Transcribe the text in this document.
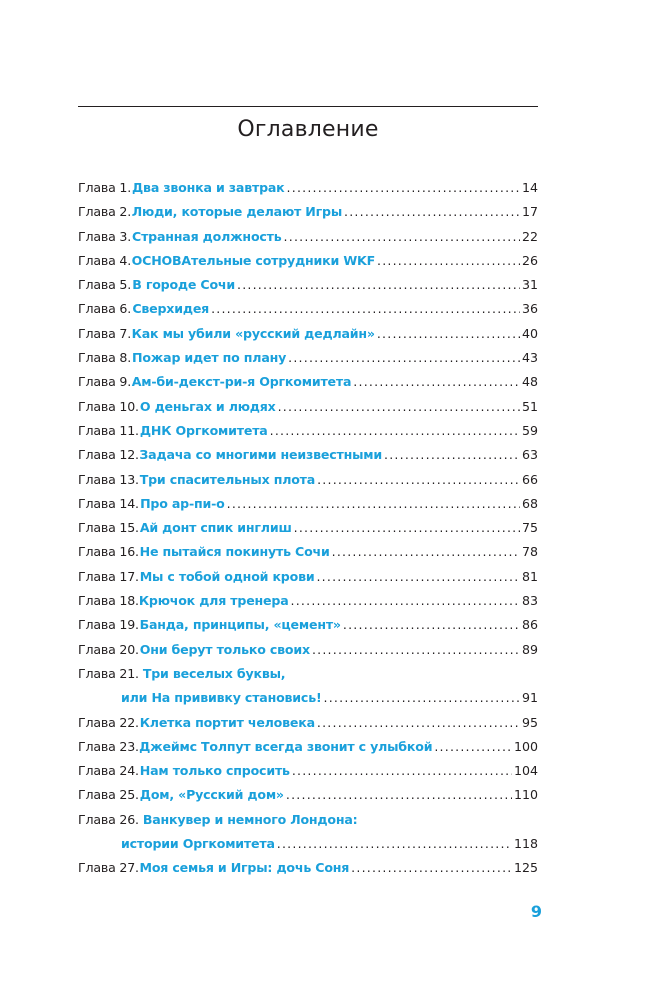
Оглавление
Глава 1. Два звонка и завтрак .....	14
Глава 2. Люди, которые делают Игры .....	17
Глава 3. Странная должность .....	22
Глава 4. ОСНОВАтельные сотрудники WKF .....	26
Глава 5. В городе Сочи .....	31
Глава 6. Сверхидея .....	36
Глава 7. Как мы убили «русский дедлайн» .....	40
Глава 8. Пожар идет по плану .....	43
Глава 9. Ам-би-декст-ри-я Оргкомитета .....	48
Глава 10. О деньгах и людях .....	51
Глава 11. ДНК Оргкомитета .....	59
Глава 12. Задача со многими неизвестными .....	63
Глава 13. Три спасительных плота .....	66
Глава 14. Про ар-пи-о .....	68
Глава 15. Ай донт спик инглиш .....	75
Глава 16. Не пытайся покинуть Сочи .....	78
Глава 17. Мы с тобой одной крови .....	81
Глава 18. Крючок для тренера .....	83
Глава 19. Банда, принципы, «цемент» .....	86
Глава 20. Они берут только своих .....	89
Глава 21. Три веселых буквы,
или На прививку становись! .....	91
Глава 22. Клетка портит человека .....	95
Глава 23. Джеймс Толпут всегда звонит с улыбкой .....	100
Глава 24. Нам только спросить .....	104
Глава 25. Дом, «Русский дом» .....	110
Глава 26. Ванкувер и немного Лондона:
истории Оргкомитета .....	118
Глава 27. Моя семья и Игры: дочь Соня .....	125
9
